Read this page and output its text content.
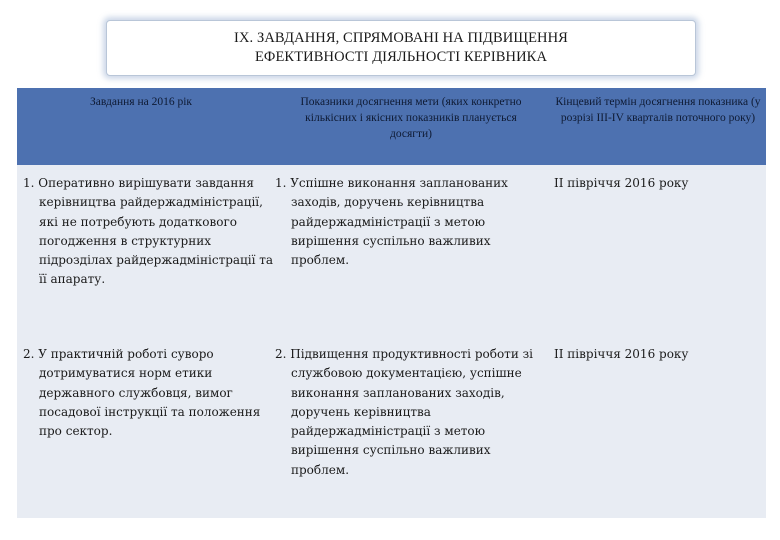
IX. ЗАВДАННЯ, СПРЯМОВАНІ НА ПІДВИЩЕННЯ
ЕФЕКТИВНОСТІ ДІЯЛЬНОСТІ КЕРІВНИКА
Завдання на 2016 рік	Показники досягнення мети (яких конкретно кількісних і якісних показників планується досягти)
Кінцевий термін досягнення показника (у розрізі ІІІ-ІV кварталів поточного року)
1. Оперативно вирішувати завдання керівництва райдержадміністрації, які не потребують додаткового погодження в структурних підрозділах райдержадміністрації та її апарату.
1. Успішне виконання запланованих заходів, доручень керівництва райдержадміністрації з метою вирішення суспільно важливих проблем.
ІІ півріччя 2016 року
2. У практичній роботі суворо дотримуватися норм етики державного службовця, вимог посадової інструкції та положення про сектор.
2. Підвищення продуктивності роботи зі службовою документацією, успішне виконання запланованих заходів, доручень керівництва райдержадміністрації з метою вирішення суспільно важливих проблем.
ІІ півріччя 2016 року
